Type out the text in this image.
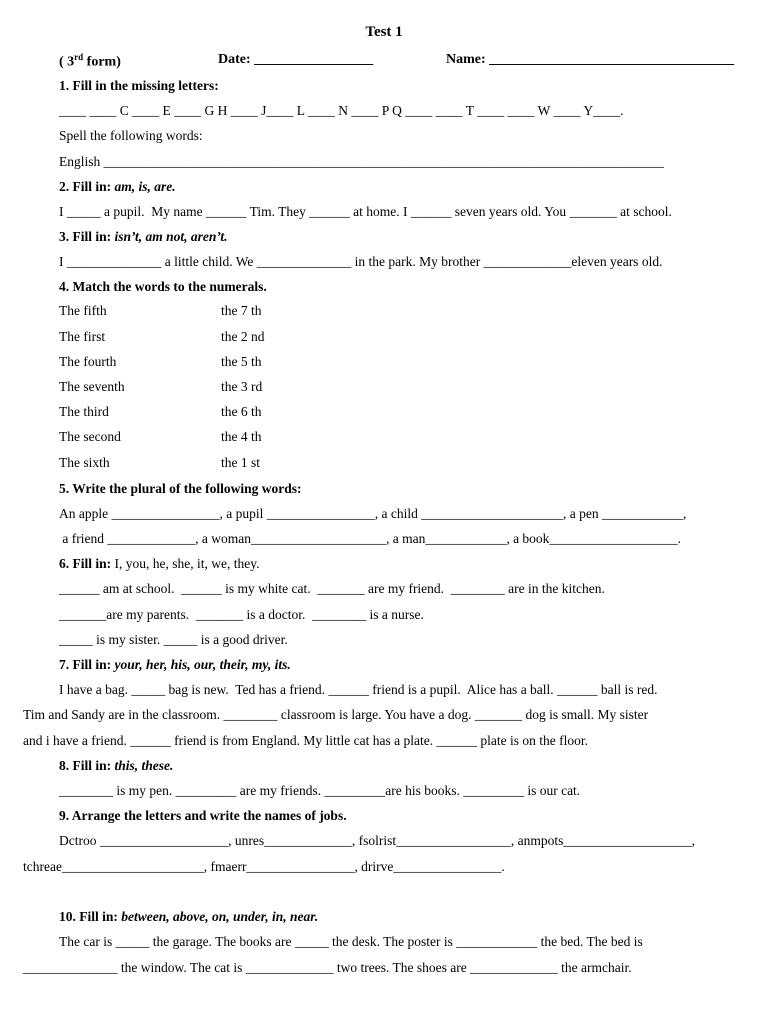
Test 1
( 3rd form)	Date: _________________	Name: ___________________________________
1. Fill in the missing letters:
____ ____ C ____ E ____ G H ____ J____ L ____ N ____ P Q ____ ____ T ____ ____ W ____ Y____.
Spell the following words:
English ___________________________________________________________________________________
2. Fill in: am, is, are.
I _____ a pupil.  My name ______ Tim. They ______ at home. I ______ seven years old. You _______ at school.
3. Fill in: isn’t, am not, aren’t.
I ______________ a little child. We ______________ in the park. My brother _____________eleven years old.
4. Match the words to the numerals.
The fifth	the 7 th
The first	the 2 nd
The fourth	the 5 th
The seventh	the 3 rd
The third	the 6 th
The second	the 4 th
The sixth	the 1 st
5. Write the plural of the following words:
An apple ________________, a pupil ________________, a child _____________________, a pen ____________,
a friend _____________, a woman____________________, a man____________, a book___________________.
6. Fill in: I, you, he, she, it, we, they.
______ am at school.  ______ is my white cat.  _______ are my friend.  ________ are in the kitchen.
_______are my parents.  _______ is a doctor.  ________ is a nurse.
_____ is my sister. _____ is a good driver.
7. Fill in: your, her, his, our, their, my, its.
I have a bag. _____ bag is new.  Ted has a friend. ______ friend is a pupil.  Alice has a ball. ______ ball is red.
Tim and Sandy are in the classroom. ________ classroom is large. You have a dog. _______ dog is small. My sister
and i have a friend. ______ friend is from England. My little cat has a plate. ______ plate is on the floor.
8. Fill in: this, these.
________ is my pen. _________ are my friends. _________are his books. _________ is our cat.
9. Arrange the letters and write the names of jobs.
Dctroo ___________________, unres_____________, fsolrist_________________, anmpots___________________,
tchreae_____________________, fmaerr________________, drirve________________.
10. Fill in: between, above, on, under, in, near.
The car is _____ the garage. The books are _____ the desk. The poster is ____________ the bed. The bed is
______________ the window. The cat is _____________ two trees. The shoes are _____________ the armchair.
